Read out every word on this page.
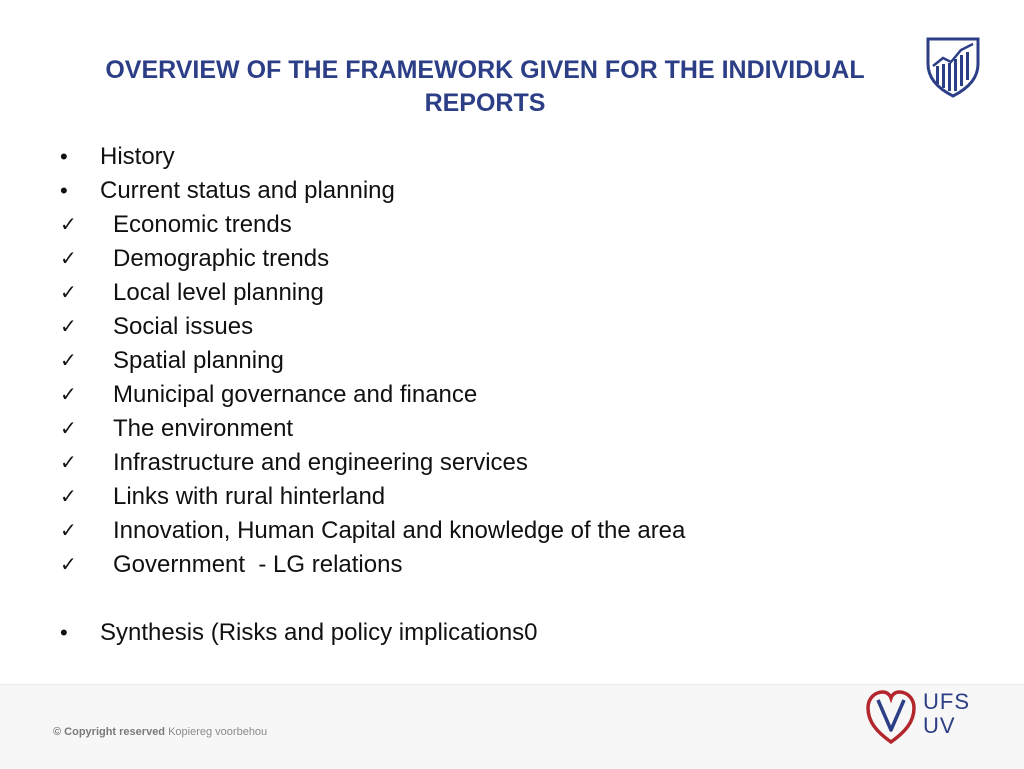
OVERVIEW OF THE FRAMEWORK GIVEN FOR THE INDIVIDUAL REPORTS

•

History

•

Current status and planning

✓

Economic trends

✓

Demographic trends

✓

Local level planning

✓

Social issues

✓

Spatial planning

✓

Municipal governance and finance

✓

The environment

✓

Infrastructure and engineering services

✓

Links with rural hinterland

✓

Innovation, Human Capital and knowledge of the area

✓

Government  - LG relations

•

Synthesis (Risks and policy implications0

© Copyright reserved Kopiereg voorbehou
UFS
UV
